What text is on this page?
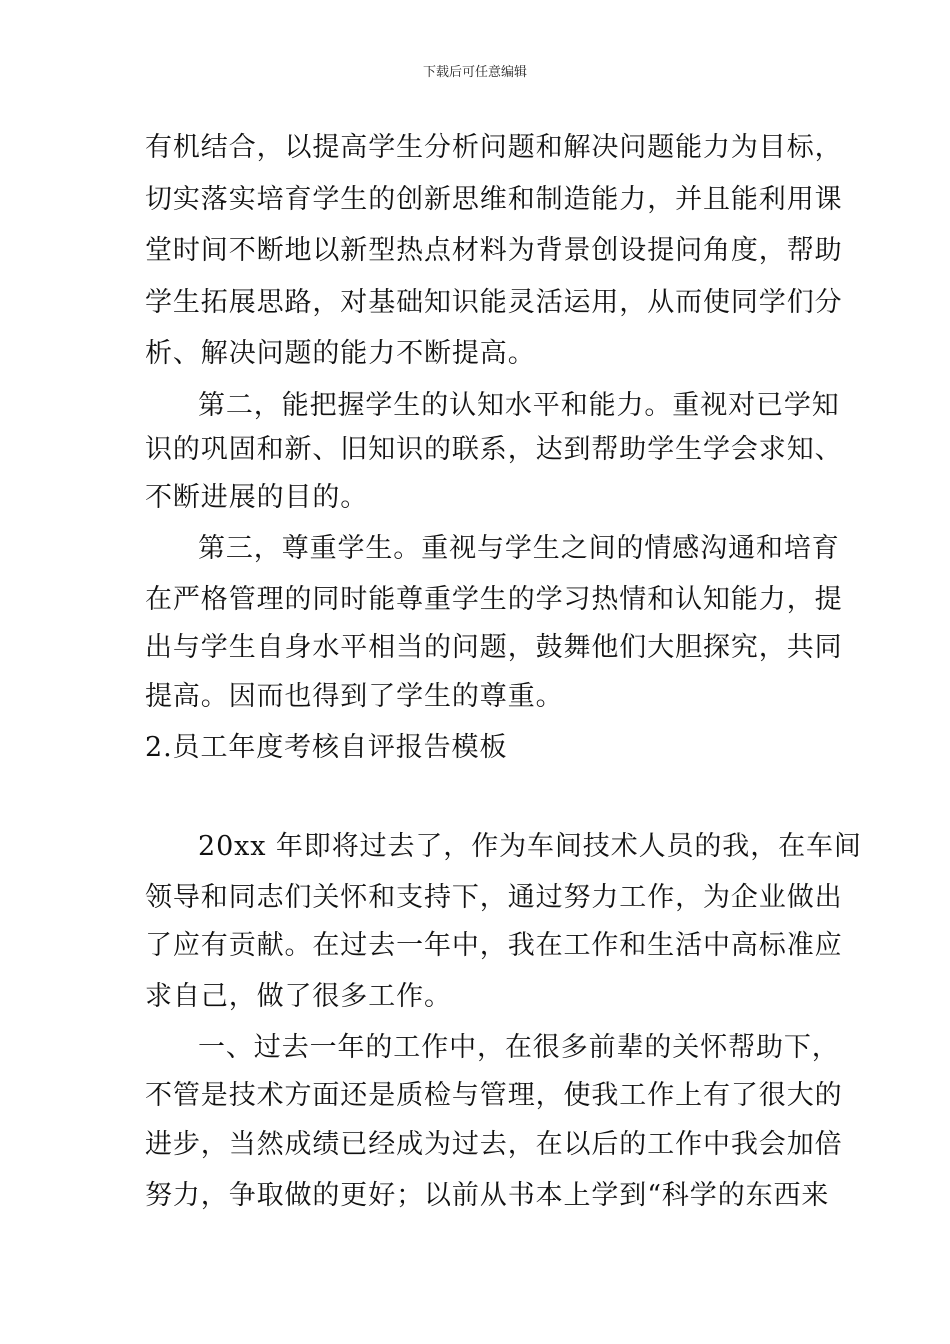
下载后可任意编辑
有机结合，以提高学生分析问题和解决问题能力为目标，
切实落实培育学生的创新思维和制造能力，并且能利用课
堂时间不断地以新型热点材料为背景创设提问角度，帮助
学生拓展思路，对基础知识能灵活运用，从而使同学们分
析、解决问题的能力不断提高。
第二，能把握学生的认知水平和能力。重视对已学知
识的巩固和新、旧知识的联系，达到帮助学生学会求知、
不断进展的目的。
第三，尊重学生。重视与学生之间的情感沟通和培育
在严格管理的同时能尊重学生的学习热情和认知能力，提
出与学生自身水平相当的问题，鼓舞他们大胆探究，共同
提高。因而也得到了学生的尊重。
2.员工年度考核自评报告模板
20xx 年即将过去了，作为车间技术人员的我，在车间
领导和同志们关怀和支持下，通过努力工作，为企业做出
了应有贡献。在过去一年中，我在工作和生活中高标准应
求自己，做了很多工作。
一、过去一年的工作中，在很多前辈的关怀帮助下，
不管是技术方面还是质检与管理，使我工作上有了很大的
进步，当然成绩已经成为过去，在以后的工作中我会加倍
努力，争取做的更好；以前从书本上学到“科学的东西来
